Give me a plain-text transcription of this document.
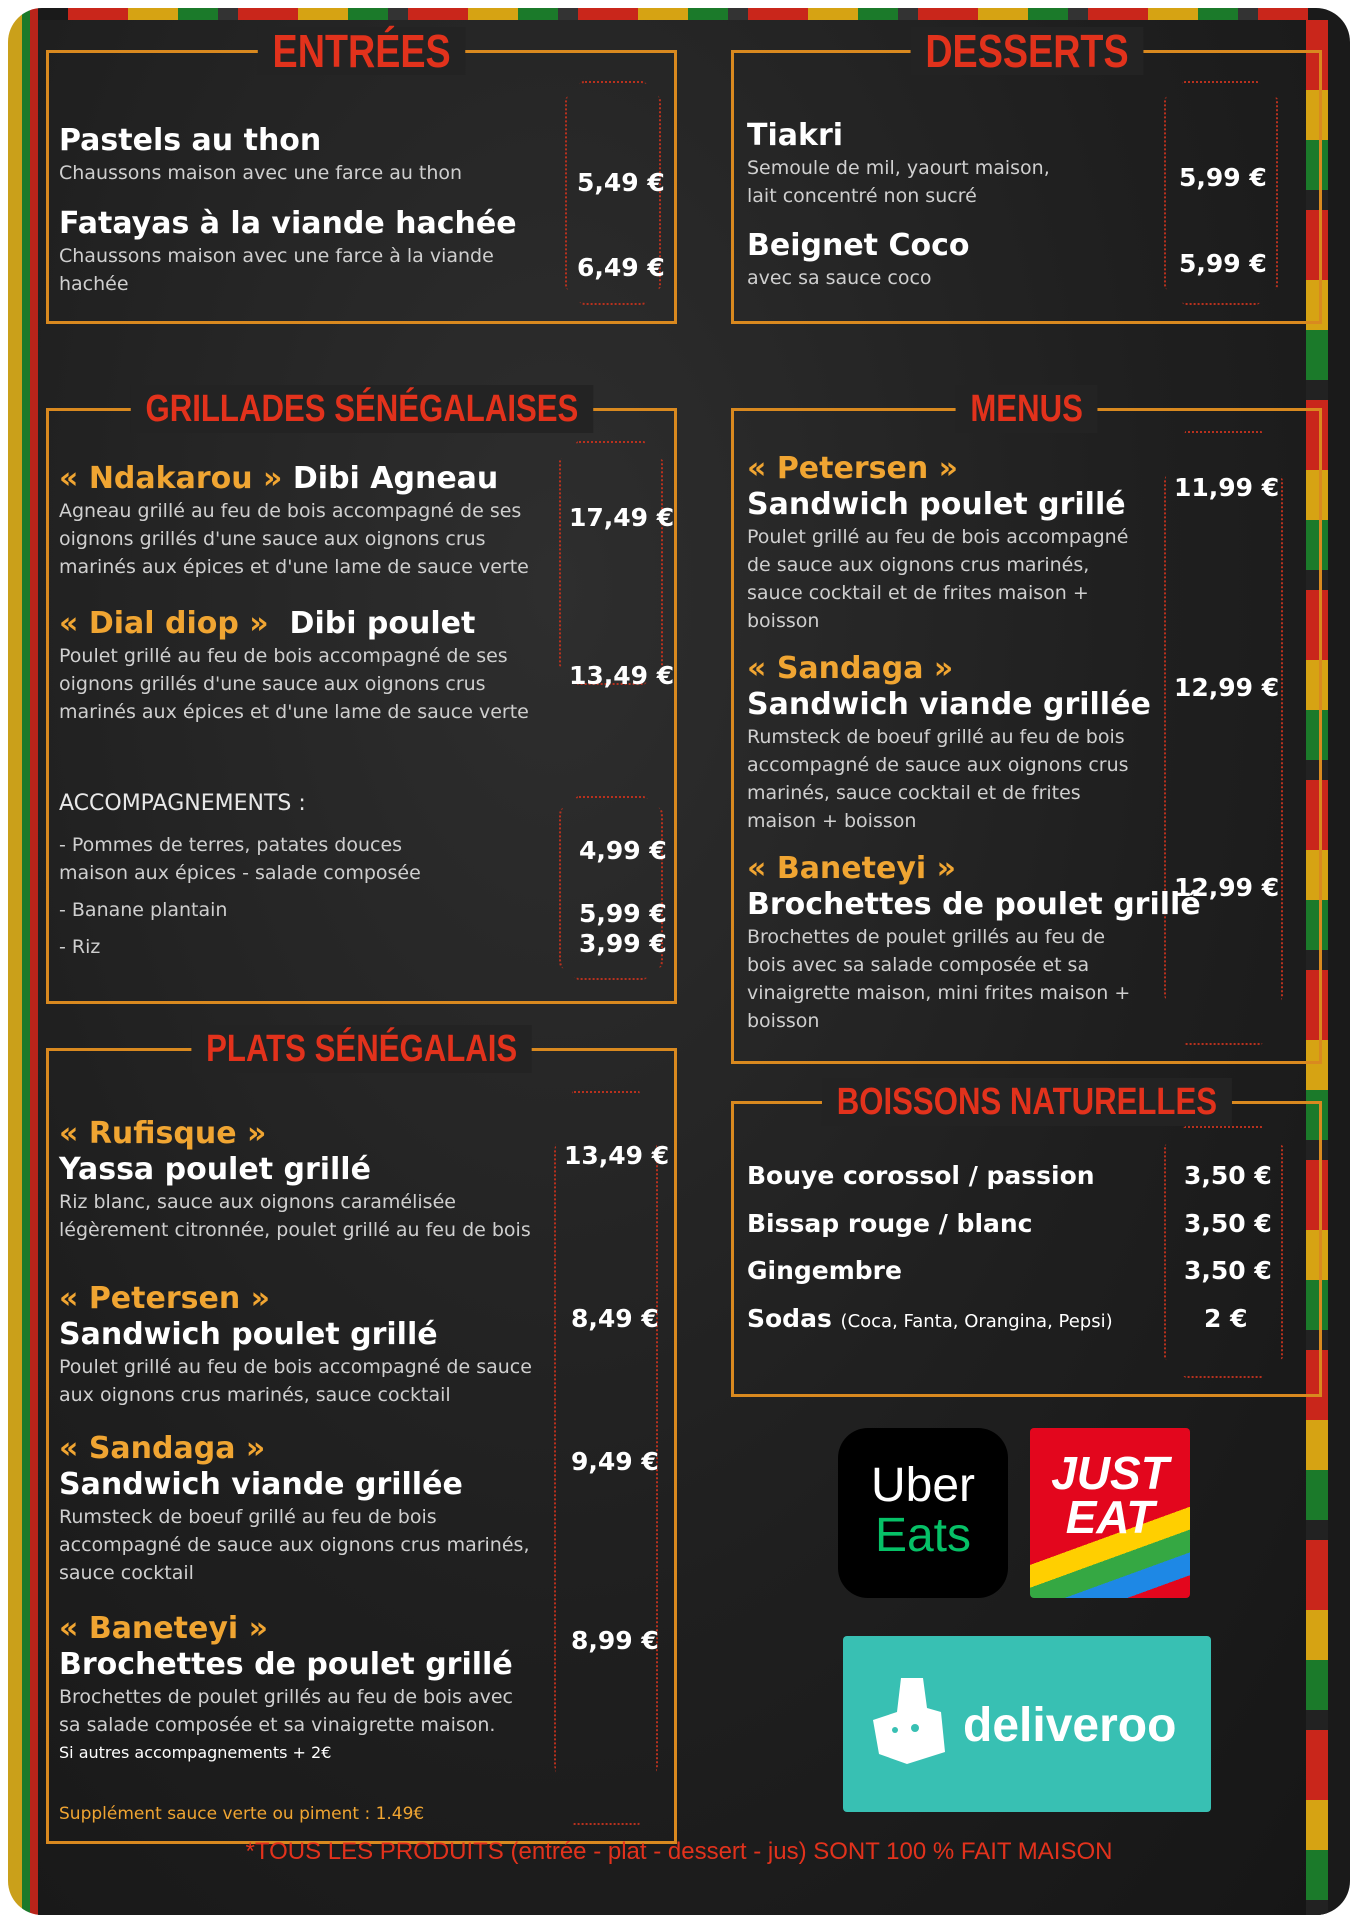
ENTRÉES
5,49 €
6,49 €
Pastels au thon
Chaussons maison avec une farce au thon
Fatayas à la viande hachée
Chaussons maison avec une farce à la viande hachée
DESSERTS
5,99 €
5,99 €
Tiakri
Semoule de mil, yaourt maison,
lait concentré non sucré
Beignet Coco
avec sa sauce coco
GRILLADES SÉNÉGALAISES
17,49 €
13,49 €
4,99 €
5,99 €
3,99 €
« Ndakarou » Dibi Agneau
Agneau grillé au feu de bois accompagné de ses oignons grillés d'une sauce aux oignons crus marinés aux épices et d'une lame de sauce verte
« Dial diop » Dibi poulet
Poulet grillé au feu de bois accompagné de ses oignons grillés d'une sauce aux oignons crus marinés aux épices et d'une lame de sauce verte
ACCOMPAGNEMENTS :
- Pommes de terres, patates douces maison aux épices - salade composée
- Banane plantain
- Riz
MENUS
11,99 €
12,99 €
12,99 €
« Petersen »
Sandwich poulet grillé
Poulet grillé au feu de bois accompagné de sauce aux oignons crus marinés, sauce cocktail et de frites maison + boisson
« Sandaga »
Sandwich viande grillée
Rumsteck de boeuf grillé au feu de bois accompagné de sauce aux oignons crus marinés, sauce cocktail et de frites maison + boisson
« Baneteyi »
Brochettes de poulet grillé
Brochettes de poulet grillés au feu de bois avec sa salade composée et sa vinaigrette maison, mini frites maison + boisson
PLATS SÉNÉGALAIS
13,49 €
8,49 €
9,49 €
8,99 €
« Rufisque »
Yassa poulet grillé
Riz blanc, sauce aux oignons caramélisée légèrement citronnée, poulet grillé au feu de bois
« Petersen »
Sandwich poulet grillé
Poulet grillé au feu de bois accompagné de sauce aux oignons crus marinés, sauce cocktail
« Sandaga »
Sandwich viande grillée
Rumsteck de boeuf grillé au feu de bois accompagné de sauce aux oignons crus marinés, sauce cocktail
« Baneteyi »
Brochettes de poulet grillé
Brochettes de poulet grillés au feu de bois avec sa salade composée et sa vinaigrette maison.
Si autres accompagnements + 2€
Supplément sauce verte ou piment : 1.49€
BOISSONS NATURELLES
Bouye corossol / passion
Bissap rouge / blanc
Gingembre
Sodas (Coca, Fanta, Orangina, Pepsi)
3,50 €
3,50 €
3,50 €
2 €
Uber
Eats
JUST
EAT
deliveroo
*TOUS LES PRODUITS (entrée - plat - dessert - jus) SONT 100 % FAIT MAISON
